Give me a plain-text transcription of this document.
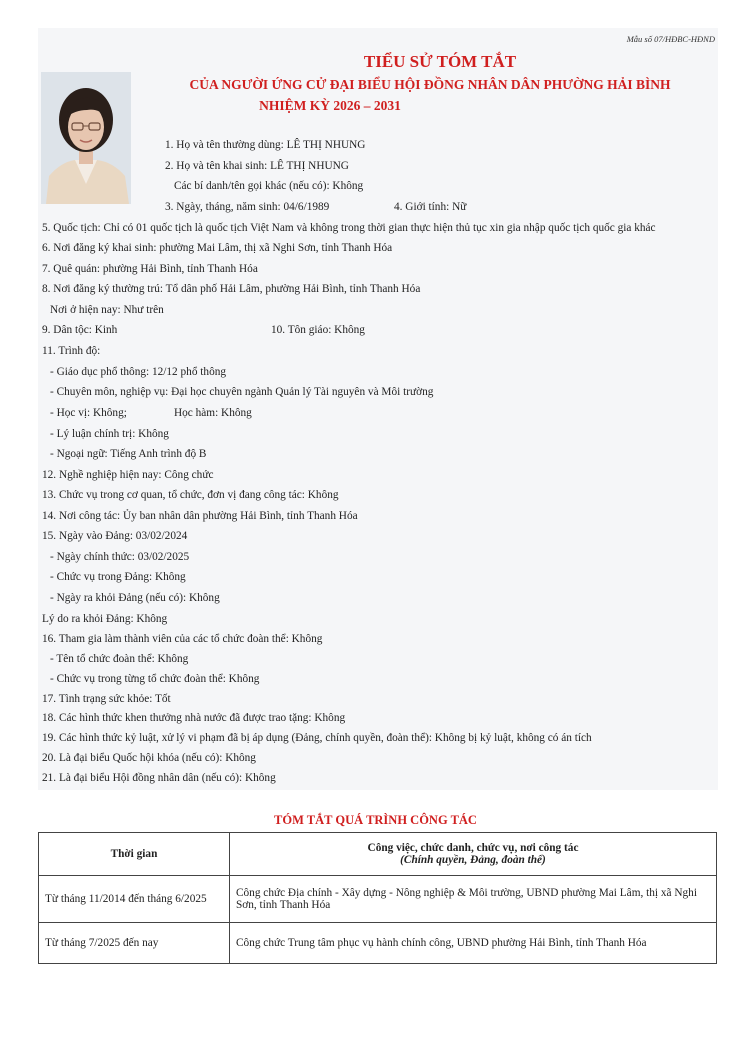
Mẫu số 07/HĐBC-HĐND
TIỂU SỬ TÓM TẮT
CỦA NGƯỜI ỨNG CỬ ĐẠI BIỂU HỘI ĐỒNG NHÂN DÂN PHƯỜNG HẢI BÌNH
NHIỆM KỲ 2026 – 2031
1. Họ và tên thường dùng: LÊ THỊ NHUNG
2. Họ và tên khai sinh: LÊ THỊ NHUNG
Các bí danh/tên gọi khác (nếu có): Không
3. Ngày, tháng, năm sinh: 04/6/1989	4. Giới tính: Nữ
5. Quốc tịch: Chỉ có 01 quốc tịch là quốc tịch Việt Nam và không trong thời gian thực hiện thủ tục xin gia nhập quốc tịch quốc gia khác
6. Nơi đăng ký khai sinh: phường Mai Lâm, thị xã Nghi Sơn, tỉnh Thanh Hóa
7. Quê quán: phường Hải Bình, tỉnh Thanh Hóa
8. Nơi đăng ký thường trú: Tổ dân phố Hải Lâm, phường Hải Bình, tỉnh Thanh Hóa
Nơi ở hiện nay: Như trên
9. Dân tộc: Kinh	10. Tôn giáo: Không
11. Trình độ:
- Giáo dục phổ thông: 12/12 phổ thông
- Chuyên môn, nghiệp vụ: Đại học chuyên ngành Quản lý Tài nguyên và Môi trường
- Học vị: Không;	Học hàm: Không
- Lý luận chính trị: Không
- Ngoại ngữ: Tiếng Anh trình độ B
12. Nghề nghiệp hiện nay: Công chức
13. Chức vụ trong cơ quan, tổ chức, đơn vị đang công tác: Không
14. Nơi công tác: Ủy ban nhân dân phường Hải Bình, tỉnh Thanh Hóa
15. Ngày vào Đảng: 03/02/2024
- Ngày chính thức: 03/02/2025
- Chức vụ trong Đảng: Không
- Ngày ra khỏi Đảng (nếu có): Không
Lý do ra khỏi Đảng: Không
16. Tham gia làm thành viên của các tổ chức đoàn thể: Không
- Tên tổ chức đoàn thể: Không
- Chức vụ trong từng tổ chức đoàn thể: Không
17. Tình trạng sức khỏe: Tốt
18. Các hình thức khen thưởng nhà nước đã được trao tặng: Không
19. Các hình thức kỷ luật, xử lý vi phạm đã bị áp dụng (Đảng, chính quyền, đoàn thể): Không bị kỷ luật, không có án tích
20. Là đại biểu Quốc hội khóa (nếu có): Không
21. Là đại biểu Hội đồng nhân dân (nếu có): Không
TÓM TẮT QUÁ TRÌNH CÔNG TÁC
Thời gian	Công việc, chức danh, chức vụ, nơi công tác
(Chính quyền, Đảng, đoàn thể)

Từ tháng 11/2014 đến tháng 6/2025	Công chức Địa chính - Xây dựng - Nông nghiệp & Môi trường, UBND phường Mai Lâm, thị xã Nghi Sơn, tỉnh Thanh Hóa
Từ tháng 7/2025 đến nay	Công chức Trung tâm phục vụ hành chính công, UBND phường Hải Bình, tỉnh Thanh Hóa
